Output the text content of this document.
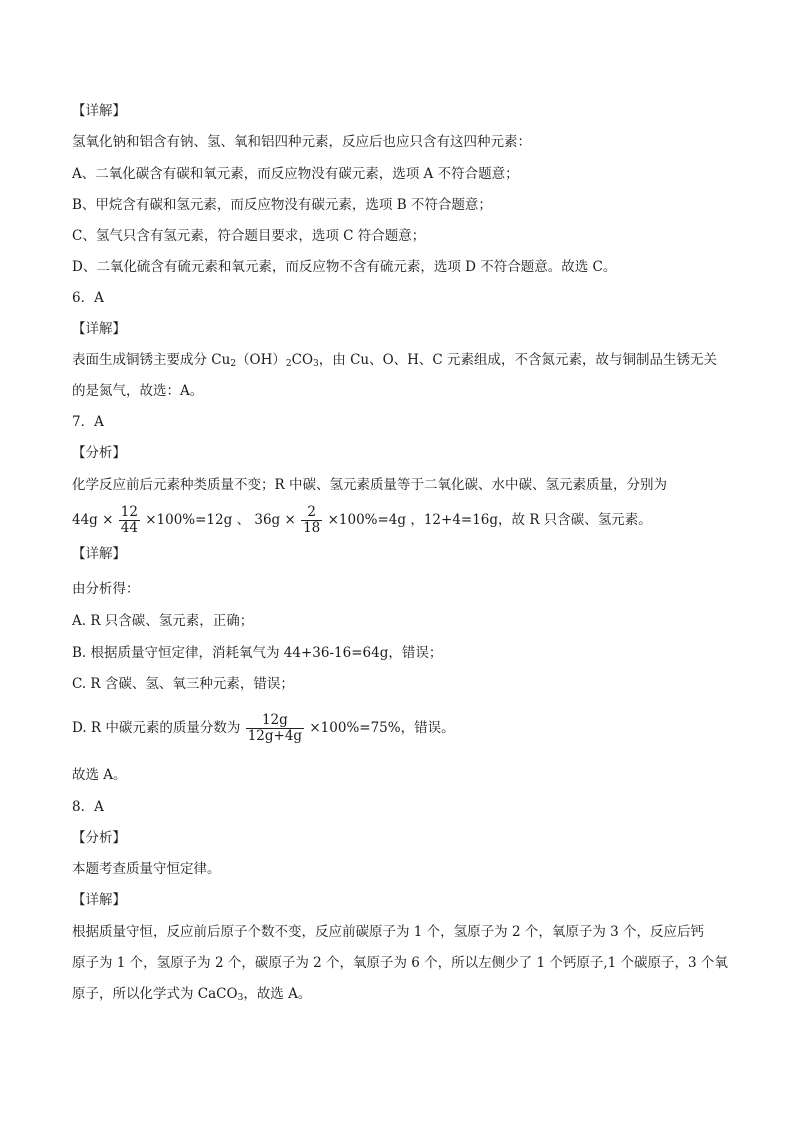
【详解】
氢氧化钠和铝含有钠、氢、氧和铝四种元素，反应后也应只含有这四种元素：
A、二氧化碳含有碳和氧元素，而反应物没有碳元素，选项 A 不符合题意；
B、甲烷含有碳和氢元素，而反应物没有碳元素，选项 B 不符合题意；
C、氢气只含有氢元素，符合题目要求，选项 C 符合题意；
D、二氧化硫含有硫元素和氧元素，而反应物不含有硫元素，选项 D 不符合题意。故选 C。
6．A
【详解】
表面生成铜锈主要成分 $Cu_2(OH)_2CO_3$，由 Cu、O、H、C 元素组成，不含氮元素，故与铜制品生锈无关
的是氮气，故选：A。
7．A
【分析】
化学反应前后元素种类质量不变；R 中碳、氢元素质量等于二氧化碳、水中碳、氢元素质量，分别为
$44g \times \frac{12}{44} \times 100\%=12g$ 、 $36g \times \frac{2}{18} \times 100\%=4g$ ，12+4=16g，故 R 只含碳、氢元素。
【详解】
由分析得：
A. R 只含碳、氢元素，正确；
B. 根据质量守恒定律，消耗氧气为 44+36-16=64g，错误；
C. R 含碳、氢、氧三种元素，错误；
D. R 中碳元素的质量分数为 $\frac{12g}{12g+4g} \times 100\%=75\%$，错误。
故选 A。
8．A
【分析】
本题考查质量守恒定律。
【详解】
根据质量守恒，反应前后原子个数不变，反应前碳原子为 1 个，氢原子为 2 个，氧原子为 3 个，反应后钙
原子为 1 个，氢原子为 2 个，碳原子为 2 个，氧原子为 6 个，所以左侧少了 1 个钙原子,1 个碳原子，3 个氧
原子，所以化学式为 CaCO$_3$，故选 A。
